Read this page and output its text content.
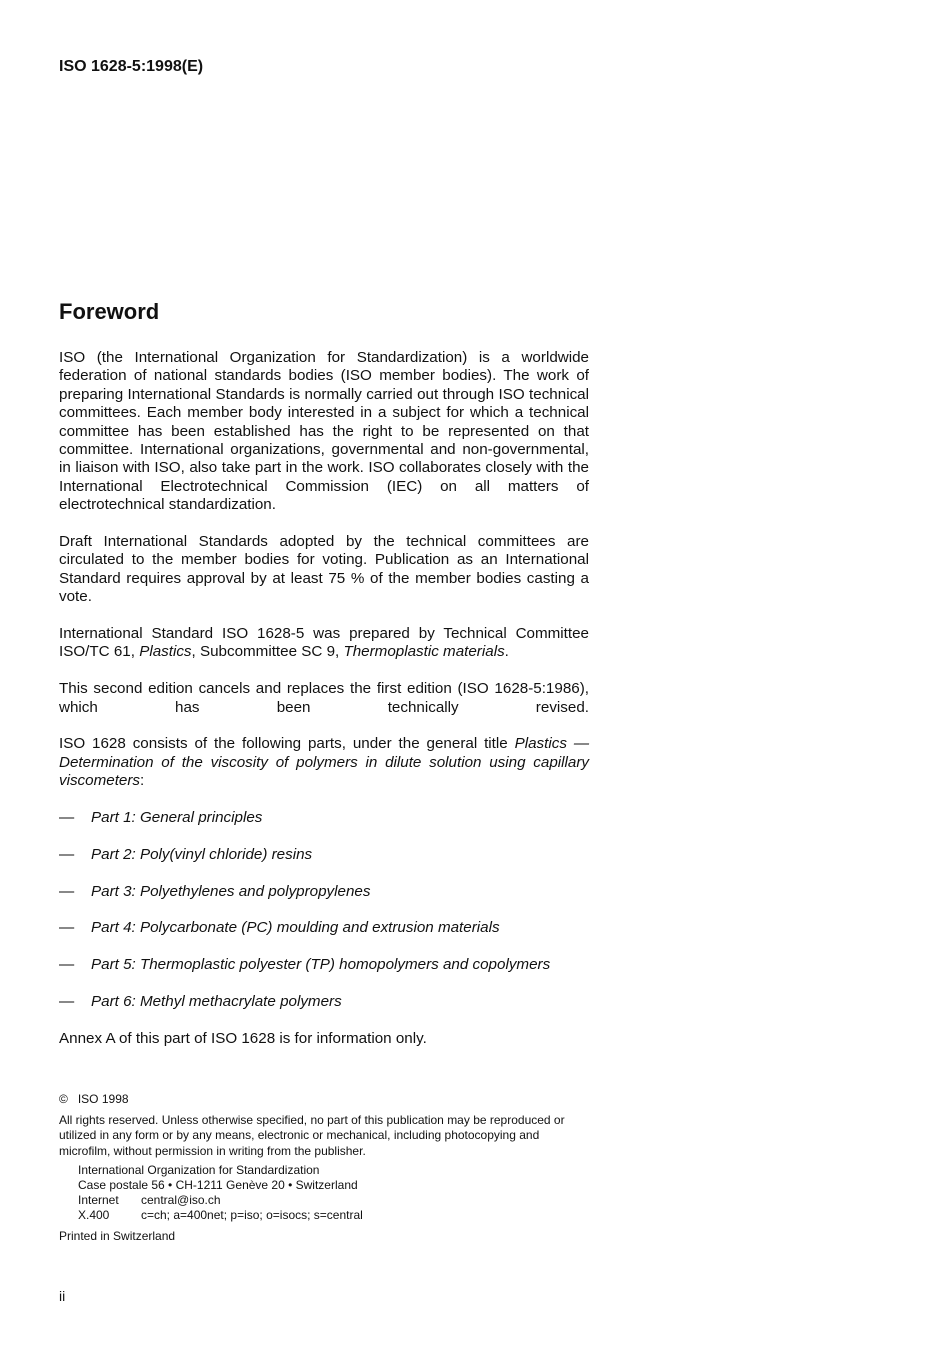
ISO 1628-5:1998(E)
Foreword

ISO (the International Organization for Standardization) is a worldwide federation of national standards bodies (ISO member bodies). The work of preparing International Standards is normally carried out through ISO technical committees. Each member body interested in a subject for which a technical committee has been established has the right to be represented on that committee. International organizations, governmental and non-governmental, in liaison with ISO, also take part in the work. ISO collaborates closely with the International Electrotechnical Commission (IEC) on all matters of electrotechnical standardization.

Draft International Standards adopted by the technical committees are circulated to the member bodies for voting. Publication as an International Standard requires approval by at least 75 % of the member bodies casting a vote.

International Standard ISO 1628-5 was prepared by Technical Committee ISO/TC 61, Plastics, Subcommittee SC 9, Thermoplastic materials.

This second edition cancels and replaces the first edition (ISO 1628-5:1986), which has been technically revised.

ISO 1628 consists of the following parts, under the general title Plastics — Determination of the viscosity of polymers in dilute solution using capillary viscometers:

—	Part 1: General principles
—	Part 2: Poly(vinyl chloride) resins
—	Part 3: Polyethylenes and polypropylenes
—	Part 4: Polycarbonate (PC) moulding and extrusion materials
—	Part 5: Thermoplastic polyester (TP) homopolymers and copolymers
—	Part 6: Methyl methacrylate polymers

Annex A of this part of ISO 1628 is for information only.

© ISO 1998

All rights reserved. Unless otherwise specified, no part of this publication may be reproduced or utilized in any form or by any means, electronic or mechanical, including photocopying and microfilm, without permission in writing from the publisher.

International Organization for Standardization

Case postale 56 • CH-1211 Genève 20 • Switzerland

Internet	central@iso.ch
X.400	c=ch; a=400net; p=iso; o=isocs; s=central

Printed in Switzerland

ii
